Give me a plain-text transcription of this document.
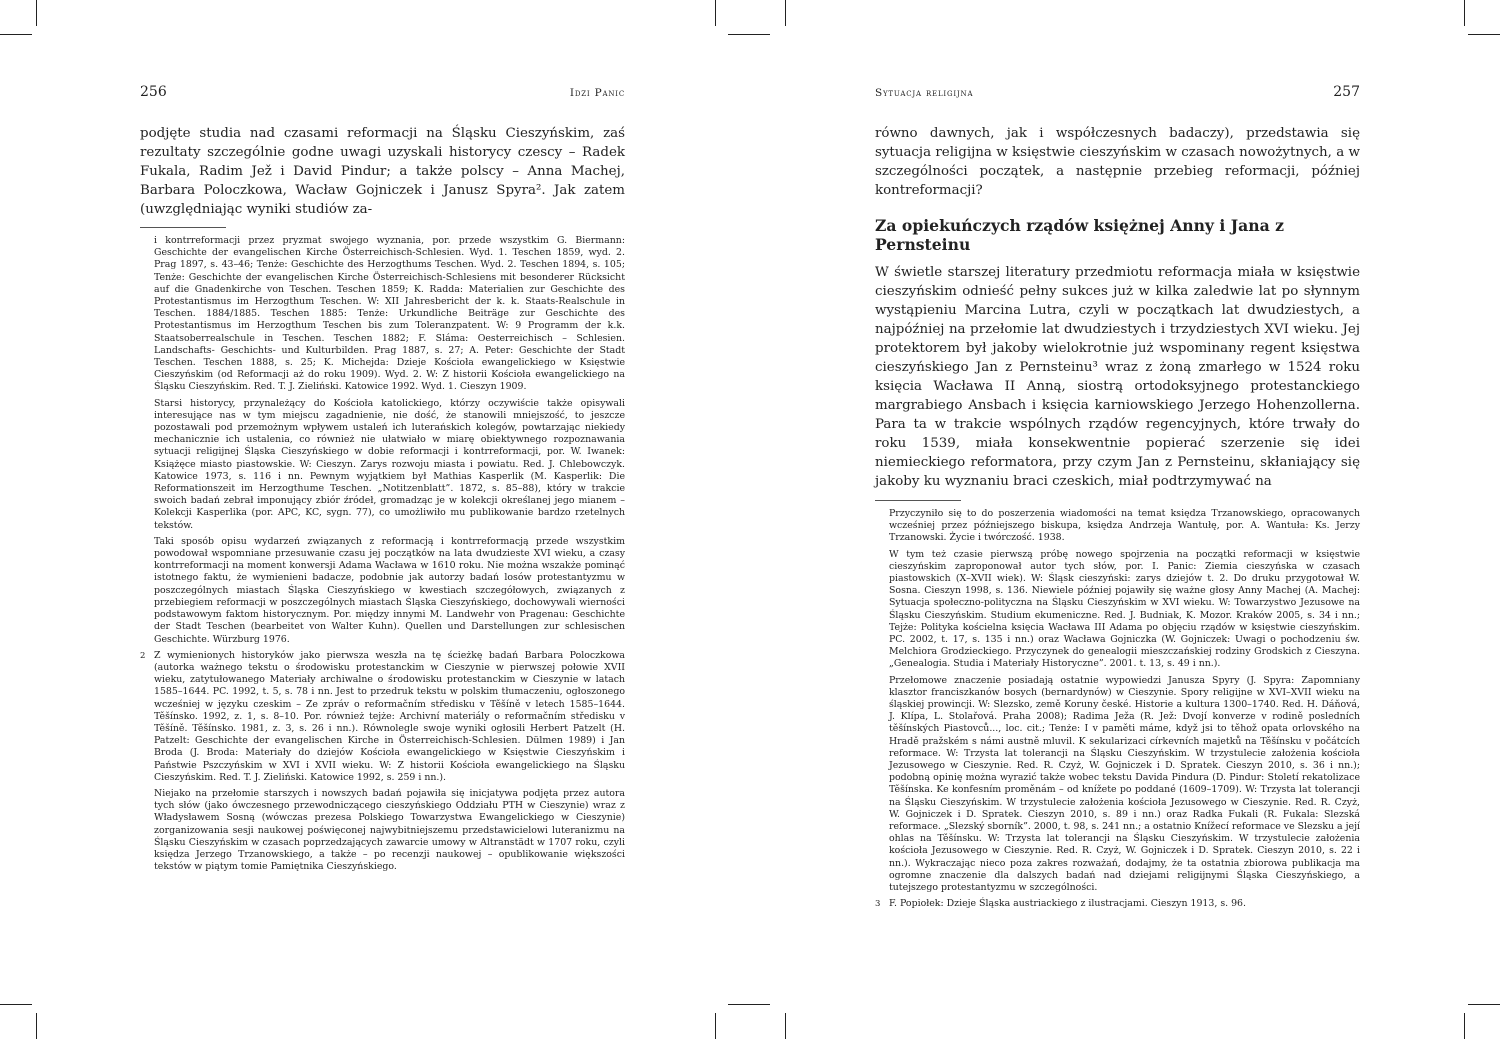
256	Idzi Panic

podjęte studia nad czasami reformacji na Śląsku Cieszyńskim, zaś rezultaty szczególnie godne uwagi uzyskali historycy czescy – Radek Fukala, Radim Jež i David Pindur; a także polscy – Anna Machej, Barbara Poloczkowa, Wacław Gojniczek i Janusz Spyra². Jak zatem (uwzględniając wyniki studiów za-

i kontrreformacji przez pryzmat swojego wyznania, por. przede wszystkim G. Biermann: Geschichte der evangelischen Kirche Österreichisch-Schlesien. Wyd. 1. Teschen 1859, wyd. 2. Prag 1897, s. 43–46; Tenże: Geschichte des Herzogthums Teschen. Wyd. 2. Teschen 1894, s. 105; Tenże: Geschichte der evangelischen Kirche Österreichisch-Schlesiens mit besonderer Rücksicht auf die Gnadenkirche von Teschen. Teschen 1859; K. Radda: Materialien zur Geschichte des Protestantismus im Herzogthum Teschen. W: XII Jahresbericht der k. k. Staats-Realschule in Teschen. 1884/1885. Teschen 1885: Tenże: Urkundliche Beiträge zur Geschichte des Protestantismus im Herzogthum Teschen bis zum Toleranzpatent. W: 9 Programm der k.k. Staatsoberrealschule in Teschen. Teschen 1882; F. Sláma: Oesterreichisch – Schlesien. Landschafts- Geschichts- und Kulturbilden. Prag 1887, s. 27; A. Peter: Geschichte der Stadt Teschen. Teschen 1888, s. 25; K. Michejda: Dzieje Kościoła ewangelickiego w Księstwie Cieszyńskim (od Reformacji aż do roku 1909). Wyd. 2. W: Z historii Kościoła ewangelickiego na Śląsku Cieszyńskim. Red. T. J. Zieliński. Katowice 1992. Wyd. 1. Cieszyn 1909.

Starsi historycy, przynależący do Kościoła katolickiego, którzy oczywiście także opisywali interesujące nas w tym miejscu zagadnienie, nie dość, że stanowili mniejszość, to jeszcze pozostawali pod przemożnym wpływem ustaleń ich luterańskich kolegów, powtarzając niekiedy mechanicznie ich ustalenia, co również nie ułatwiało w miarę obiektywnego rozpoznawania sytuacji religijnej Śląska Cieszyńskiego w dobie reformacji i kontrreformacji, por. W. Iwanek: Książęce miasto piastowskie. W: Cieszyn. Zarys rozwoju miasta i powiatu. Red. J. Chlebowczyk. Katowice 1973, s. 116 i nn. Pewnym wyjątkiem był Mathias Kasperlik (M. Kasperlik: Die Reformationszeit im Herzogthume Teschen. „Notitzenblatt”. 1872, s. 85–88), który w trakcie swoich badań zebrał imponujący zbiór źródeł, gromadząc je w kolekcji określanej jego mianem – Kolekcji Kasperlika (por. APC, KC, sygn. 77), co umożliwiło mu publikowanie bardzo rzetelnych tekstów.

Taki sposób opisu wydarzeń związanych z reformacją i kontrreformacją przede wszystkim powodował wspomniane przesuwanie czasu jej początków na lata dwudzieste XVI wieku, a czasy kontrreformacji na moment konwersji Adama Wacława w 1610 roku. Nie można wszakże pominąć istotnego faktu, że wymienieni badacze, podobnie jak autorzy badań losów protestantyzmu w poszczególnych miastach Śląska Cieszyńskiego w kwestiach szczegółowych, związanych z przebiegiem reformacji w poszczególnych miastach Śląska Cieszyńskiego, dochowywali wierności podstawowym faktom historycznym. Por. między innymi M. Landwehr von Pragenau: Geschichte der Stadt Teschen (bearbeitet von Walter Kuhn). Quellen und Darstellungen zur schlesischen Geschichte. Würzburg 1976.

2 Z wymienionych historyków jako pierwsza weszła na tę ścieżkę badań Barbara Poloczkowa (autorka ważnego tekstu o środowisku protestanckim w Cieszynie w pierwszej połowie XVII wieku, zatytułowanego Materiały archiwalne o środowisku protestanckim w Cieszynie w latach 1585–1644. PC. 1992, t. 5, s. 78 i nn. Jest to przedruk tekstu w polskim tłumaczeniu, ogłoszonego wcześniej w języku czeskim – Ze zpráv o reformačním středisku v Těšíně v letech 1585–1644. Těšínsko. 1992, z. 1, s. 8–10. Por. również tejże: Archivní materiály o reformačním středisku v Těšíně. Těšínsko. 1981, z. 3, s. 26 i nn.). Równolegle swoje wyniki ogłosili Herbert Patzelt (H. Patzelt: Geschichte der evangelischen Kirche in Österreichisch-Schlesien. Dülmen 1989) i Jan Broda (J. Broda: Materiały do dziejów Kościoła ewangelickiego w Księstwie Cieszyńskim i Państwie Pszczyńskim w XVI i XVII wieku. W: Z historii Kościoła ewangelickiego na Śląsku Cieszyńskim. Red. T. J. Zieliński. Katowice 1992, s. 259 i nn.).

Niejako na przełomie starszych i nowszych badań pojawiła się inicjatywa podjęta przez autora tych słów (jako ówczesnego przewodniczącego cieszyńskiego Oddziału PTH w Cieszynie) wraz z Władysławem Sosną (wówczas prezesa Polskiego Towarzystwa Ewangelickiego w Cieszynie) zorganizowania sesji naukowej poświęconej najwybitniejszemu przedstawicielowi luteranizmu na Śląsku Cieszyńskim w czasach poprzedzających zawarcie umowy w Altranstädt w 1707 roku, czyli księdza Jerzego Trzanowskiego, a także – po recenzji naukowej – opublikowanie większości tekstów w piątym tomie Pamiętnika Cieszyńskiego.

Sytuacja religijna	257

równo dawnych, jak i współczesnych badaczy), przedstawia się sytuacja religijna w księstwie cieszyńskim w czasach nowożytnych, a w szczególności początek, a następnie przebieg reformacji, później kontreformacji?

Za opiekuńczych rządów księżnej Anny i Jana z Pernsteinu

W świetle starszej literatury przedmiotu reformacja miała w księstwie cieszyńskim odnieść pełny sukces już w kilka zaledwie lat po słynnym wystąpieniu Marcina Lutra, czyli w początkach lat dwudziestych, a najpóźniej na przełomie lat dwudziestych i trzydziestych XVI wieku. Jej protektorem był jakoby wielokrotnie już wspominany regent księstwa cieszyńskiego Jan z Pernsteinu³ wraz z żoną zmarłego w 1524 roku księcia Wacława II Anną, siostrą ortodoksyjnego protestanckiego margrabiego Ansbach i księcia karniowskiego Jerzego Hohenzollerna. Para ta w trakcie wspólnych rządów regencyjnych, które trwały do roku 1539, miała konsekwentnie popierać szerzenie się idei niemieckiego reformatora, przy czym Jan z Pernsteinu, skłaniający się jakoby ku wyznaniu braci czeskich, miał podtrzymywać na

Przyczyniło się to do poszerzenia wiadomości na temat księdza Trzanowskiego, opracowanych wcześniej przez późniejszego biskupa, księdza Andrzeja Wantułę, por. A. Wantuła: Ks. Jerzy Trzanowski. Życie i twórczość. 1938.

W tym też czasie pierwszą próbę nowego spojrzenia na początki reformacji w księstwie cieszyńskim zaproponował autor tych słów, por. I. Panic: Ziemia cieszyńska w czasach piastowskich (X–XVII wiek). W: Śląsk cieszyński: zarys dziejów t. 2. Do druku przygotował W. Sosna. Cieszyn 1998, s. 136. Niewiele później pojawiły się ważne głosy Anny Machej (A. Machej: Sytuacja społeczno-polityczna na Śląsku Cieszyńskim w XVI wieku. W: Towarzystwo Jezusowe na Śląsku Cieszyńskim. Studium ekumeniczne. Red. J. Budniak, K. Mozor. Kraków 2005, s. 34 i nn.; Tejże: Polityka kościelna księcia Wacława III Adama po objęciu rządów w księstwie cieszyńskim. PC. 2002, t. 17, s. 135 i nn.) oraz Wacława Gojniczka (W. Gojniczek: Uwagi o pochodzeniu św. Melchiora Grodzieckiego. Przyczynek do genealogii mieszczańskiej rodziny Grodskich z Cieszyna. „Genealogia. Studia i Materiały Historyczne”. 2001. t. 13, s. 49 i nn.).

Przełomowe znaczenie posiadają ostatnie wypowiedzi Janusza Spyry (J. Spyra: Zapomniany klasztor franciszkanów bosych (bernardynów) w Cieszynie. Spory religijne w XVI–XVII wieku na śląskiej prowincji. W: Slezsko, země Koruny české. Historie a kultura 1300–1740. Red. H. Dáňová, J. Klípa, L. Stolařová. Praha 2008); Radima Ježa (R. Jež: Dvojí konverze v rodině posledních těšínských Piastovců..., loc. cit.; Tenże: I v paměti máme, když jsi to těhož opata orlovského na Hradě pražském s námi austně mluvil. K sekularizaci církevních majetků na Těšínsku v počátcích reformace. W: Trzysta lat tolerancji na Śląsku Cieszyńskim. W trzystulecie założenia kościoła Jezusowego w Cieszynie. Red. R. Czyż, W. Gojniczek i D. Spratek. Cieszyn 2010, s. 36 i nn.); podobną opinię można wyrazić także wobec tekstu Davida Pindura (D. Pindur: Století rekatolizace Těšínska. Ke konfesním proměnám – od knížete po poddané (1609–1709). W: Trzysta lat tolerancji na Śląsku Cieszyńskim. W trzystulecie założenia kościoła Jezusowego w Cieszynie. Red. R. Czyż, W. Gojniczek i D. Spratek. Cieszyn 2010, s. 89 i nn.) oraz Radka Fukali (R. Fukala: Slezská reformace. „Slezský sborník”. 2000, t. 98, s. 241 nn.; a ostatnio Knížecí reformace ve Slezsku a její ohlas na Těšínsku. W: Trzysta lat tolerancji na Śląsku Cieszyńskim. W trzystulecie założenia kościoła Jezusowego w Cieszynie. Red. R. Czyż, W. Gojniczek i D. Spratek. Cieszyn 2010, s. 22 i nn.). Wykraczając nieco poza zakres rozważań, dodajmy, że ta ostatnia zbiorowa publikacja ma ogromne znaczenie dla dalszych badań nad dziejami religijnymi Śląska Cieszyńskiego, a tutejszego protestantyzmu w szczególności.

3 F. Popiołek: Dzieje Śląska austriackiego z ilustracjami. Cieszyn 1913, s. 96.
